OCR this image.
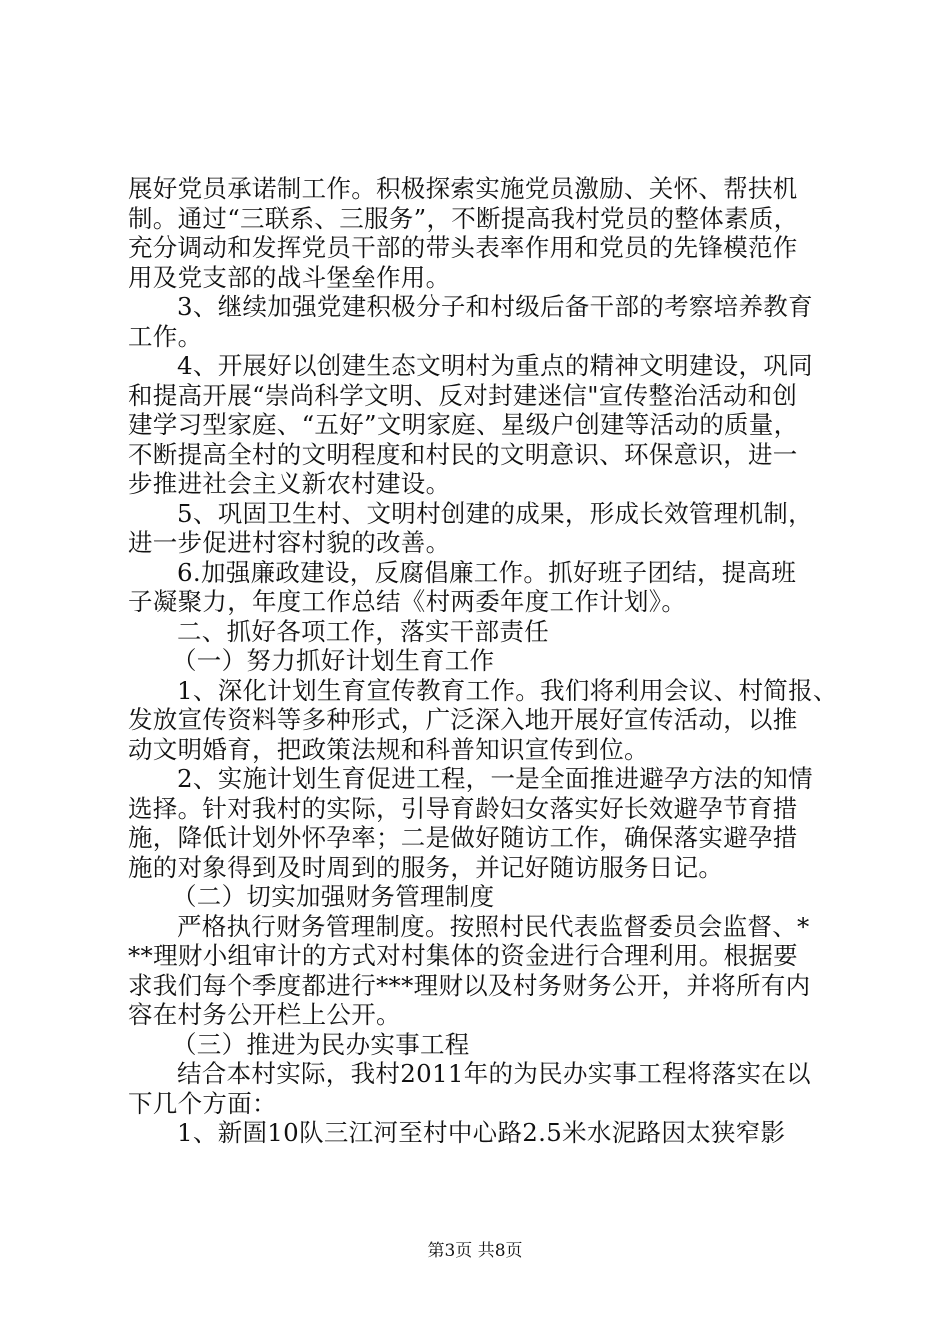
展好党员承诺制工作。积极探索实施党员激励、关怀、帮扶机
制。通过“三联系、三服务”，不断提高我村党员的整体素质，
充分调动和发挥党员干部的带头表率作用和党员的先锋模范作
用及党支部的战斗堡垒作用。
3、继续加强党建积极分子和村级后备干部的考察培养教育
工作。
4、开展好以创建生态文明村为重点的精神文明建设，巩同
和提高开展“崇尚科学文明、反对封建迷信"宣传整治活动和创
建学习型家庭、“五好”文明家庭、星级户创建等活动的质量，
不断提高全村的文明程度和村民的文明意识、环保意识，进一
步推进社会主义新农村建设。
5、巩固卫生村、文明村创建的成果，形成长效管理机制，
进一步促进村容村貌的改善。
6.加强廉政建设，反腐倡廉工作。抓好班子团结，提高班
子凝聚力，年度工作总结《村两委年度工作计划》。
二、抓好各项工作，落实干部责任
（一）努力抓好计划生育工作
1、深化计划生育宣传教育工作。我们将利用会议、村简报、
发放宣传资料等多种形式，广泛深入地开展好宣传活动，以推
动文明婚育，把政策法规和科普知识宣传到位。
2、实施计划生育促进工程，一是全面推进避孕方法的知情
选择。针对我村的实际，引导育龄妇女落实好长效避孕节育措
施，降低计划外怀孕率；二是做好随访工作，确保落实避孕措
施的对象得到及时周到的服务，并记好随访服务日记。
（二）切实加强财务管理制度
严格执行财务管理制度。按照村民代表监督委员会监督、*
**理财小组审计的方式对村集体的资金进行合理利用。根据要
求我们每个季度都进行***理财以及村务财务公开，并将所有内
容在村务公开栏上公开。
（三）推进为民办实事工程
结合本村实际，我村2011年的为民办实事工程将落实在以
下几个方面：
1、新圄10队三江河至村中心路2.5米水泥路因太狭窄影
第3页 共8页
